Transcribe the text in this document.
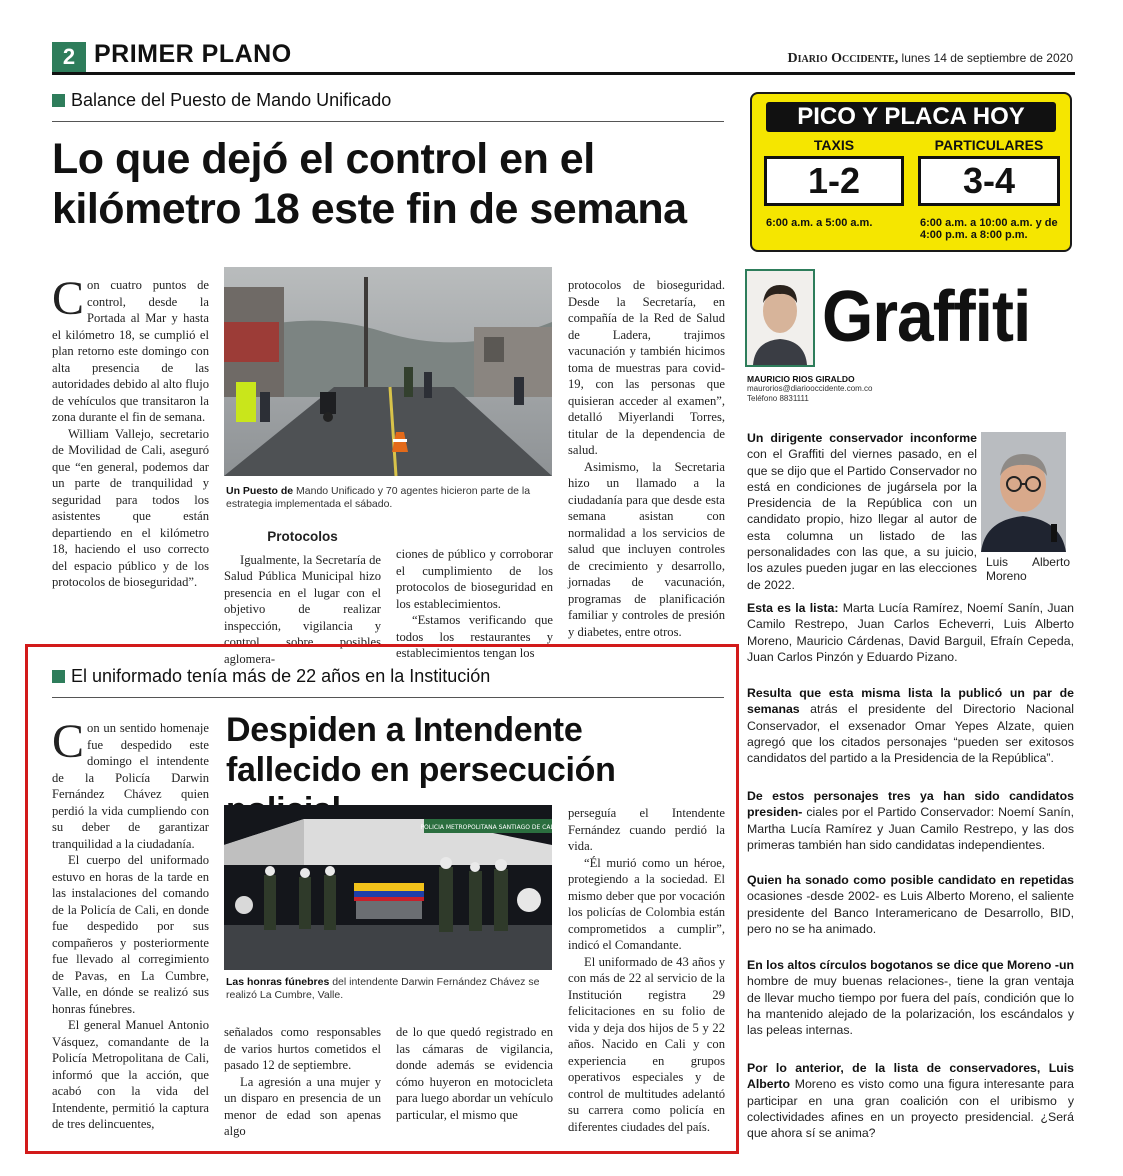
2 PRIMER PLANO	Diario Occidente, lunes 14 de septiembre de 2020
Balance del Puesto de Mando Unificado
Lo que dejó el control en el kilómetro 18 este fin de semana

Con cuatro puntos de control, desde la Portada al Mar y hasta el kilómetro 18, se cumplió el plan retorno este domingo con alta presencia de las autoridades debido al alto flujo de vehículos que transitaron la zona durante el fin de semana.

William Vallejo, secretario de Movilidad de Cali, aseguró que “en general, podemos dar un parte de tranquilidad y seguridad para todos los asistentes que están departiendo en el kilómetro 18, haciendo el uso correcto del espacio público y de los protocolos de bioseguridad”.

Un Puesto de Mando Unificado y 70 agentes hicieron parte de la estrategia implementada el sábado.
Protocolos

Igualmente, la Secretaría de Salud Pública Municipal hizo presencia en el lugar con el objetivo de realizar inspección, vigilancia y control sobre posibles aglomera-

ciones de público y corroborar el cumplimiento de los protocolos de bioseguridad en los establecimientos.

“Estamos verificando que todos los restaurantes y establecimientos tengan los

protocolos de bioseguridad. Desde la Secretaría, en compañía de la Red de Salud de Ladera, trajimos vacunación y también hicimos toma de muestras para covid-19, con las personas que quisieran acceder al examen”, detalló Miyerlandi Torres, titular de la dependencia de salud.

Asimismo, la Secretaria hizo un llamado a la ciudadanía para que desde esta semana asistan con normalidad a los servicios de salud que incluyen controles de crecimiento y desarrollo, jornadas de vacunación, programas de planificación familiar y controles de presión y diabetes, entre otros.

El uniformado tenía más de 22 años en la Institución

Con un sentido homenaje fue despedido este domingo el intendente de la Policía Darwin Fernández Chávez quien perdió la vida cumpliendo con su deber de garantizar tranquilidad a la ciudadanía.

El cuerpo del uniformado estuvo en horas de la tarde en las instalaciones del comando de la Policía de Cali, en donde fue despedido por sus compañeros y posteriormente fue llevado al corregimiento de Pavas, en La Cumbre, Valle, en dónde se realizó sus honras fúnebres.

El general Manuel Antonio Vásquez, comandante de la Policía Metropolitana de Cali, informó que la acción, que acabó con la vida del Intendente, permitió la captura de tres delincuentes,

Despiden a Intendente fallecido en persecución
POLICIA METROPOLITANA SANTIAGO DE CALI
Las honras fúnebres del intendente Darwin Fernández Chávez se realizó La Cumbre, Valle.

señalados como responsables de varios hurtos cometidos el pasado 12 de septiembre.

La agresión a una mujer y un disparo en presencia de un menor de edad son apenas algo

de lo que quedó registrado en las cámaras de vigilancia, donde además se evidencia cómo huyeron en motocicleta para luego abordar un vehículo particular, el mismo que

perseguía el Intendente Fernández cuando perdió la vida.

“Él murió como un héroe, protegiendo a la sociedad. El mismo deber que por vocación los policías de Colombia están comprometidos a cumplir”, indicó el Comandante.

El uniformado de 43 años y con más de 22 al servicio de la Institución registra 29 felicitaciones en su folio de vida y deja dos hijos de 5 y 22 años. Nacido en Cali y con experiencia en grupos operativos especiales y de control de multitudes adelantó su carrera como policía en diferentes ciudades del país.

PICO Y PLACA HOY
TAXIS	PARTICULARES
1-2	3-4
6:00 a.m. a 5:00 a.m.	6:00 a.m. a 10:00 a.m. y de 4:00 p.m. a 8:00 p.m.
Graffiti
MAURICIO RIOS GIRALDO
maurorios@diariooccidente.com.co
Teléfono 8831111
Luis Alberto
Moreno
Un dirigente conservador inconforme con el Graffiti del viernes pasado, en el que se dijo que el Partido Conservador no está en condiciones de jugársela por la Presidencia de la República con un candidato propio, hizo llegar al autor de esta columna un listado de las personalidades con las que, a su juicio, los azules pueden jugar en las elecciones de 2022.
Esta es la lista: Marta Lucía Ramírez, Noemí Sanín, Juan Camilo Restrepo, Juan Carlos Echeverri, Luis Alberto Moreno, Mauricio Cárdenas, David Barguil, Efraín Cepeda, Juan Carlos Pinzón y Eduardo Pizano.
Resulta que esta misma lista la publicó un par de semanas atrás el presidente del Directorio Nacional Conservador, el exsenador Omar Yepes Alzate, quien agregó que los citados personajes “pueden ser exitosos candidatos del partido a la Presidencia de la República”.
De estos personajes tres ya han sido candidatos presiden- ciales por el Partido Conservador: Noemí Sanín, Martha Lucía Ramírez y Juan Camilo Restrepo, y las dos primeras también han sido candidatas independientes.
Quien ha sonado como posible candidato en repetidas ocasiones -desde 2002- es Luis Alberto Moreno, el saliente presidente del Banco Interamericano de Desarrollo, BID, pero no se ha animado.
En los altos círculos bogotanos se dice que Moreno -un hombre de muy buenas relaciones-, tiene la gran ventaja de llevar mucho tiempo por fuera del país, condición que lo ha mantenido alejado de la polarización, los escándalos y las peleas internas.
Por lo anterior, de la lista de conservadores, Luis Alberto Moreno es visto como una figura interesante para participar en una gran coalición con el uribismo y colectividades afines en un proyecto presidencial. ¿Será que ahora sí se anima?
